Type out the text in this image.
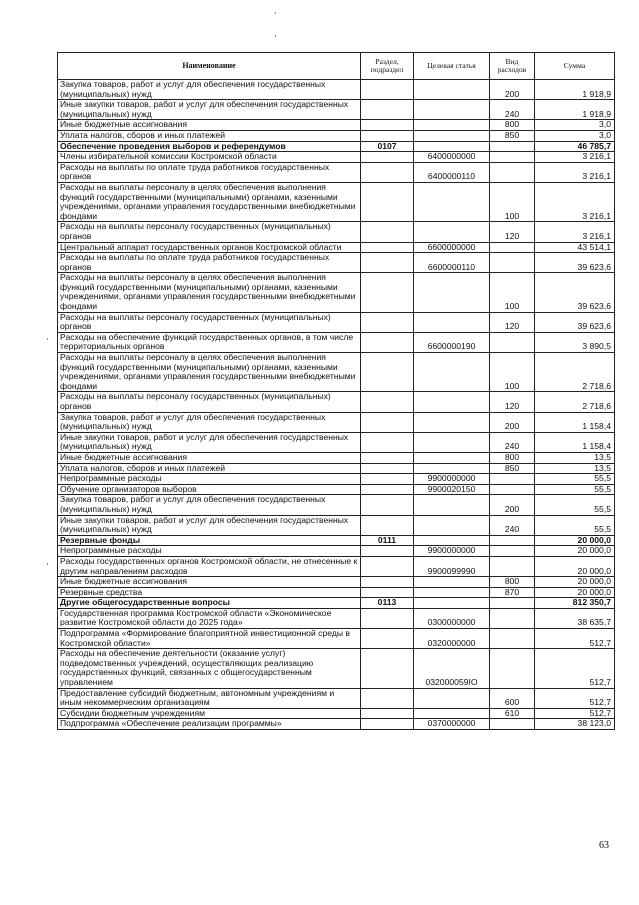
Наименование	Раздел, подраздел	Целевая статья	Вид расходов	Сумма
Закупка товаров, работ и услуг для обеспечения государственных (муниципальных) нужд			200	1 918,9
Иные закупки товаров, работ и услуг для обеспечения государственных (муниципальных) нужд			240	1 918,9
Иные бюджетные ассигнования			800	3,0
Уплата налогов, сборов и иных платежей			850	3,0
Обеспечение проведения выборов и референдумов	0107			46 785,7
Члены избирательной комиссии Костромской области		6400000000		3 216,1
Расходы на выплаты по оплате труда работников государственных органов		6400000110		3 216,1
Расходы на выплаты персоналу в целях обеспечения выполнения функций государственными (муниципальными) органами, казенными учреждениями, органами управления государственными внебюджетными фондами			100	3 216,1
Расходы на выплаты персоналу государственных (муниципальных) органов			120	3 216,1
Центральный аппарат государственных органов Костромской области		6600000000		43 514,1
Расходы на выплаты по оплате труда работников государственных органов		6600000110		39 623,6
Расходы на выплаты персоналу в целях обеспечения выполнения функций государственными (муниципальными) органами, казенными учреждениями, органами управления государственными внебюджетными фондами			100	39 623,6
Расходы на выплаты персоналу государственных (муниципальных) органов			120	39 623,6
Расходы на обеспечение функций государственных органов, в том числе территориальных органов		6600000190		3 890,5
Расходы на выплаты персоналу в целях обеспечения выполнения функций государственными (муниципальными) органами, казенными учреждениями, органами управления государственными внебюджетными фондами			100	2 718,6
Расходы на выплаты персоналу государственных (муниципальных) органов			120	2 718,6
Закупка товаров, работ и услуг для обеспечения государственных (муниципальных) нужд			200	1 158,4
Иные закупки товаров, работ и услуг для обеспечения государственных (муниципальных) нужд			240	1 158,4
Иные бюджетные ассигнования			800	13,5
Уплата налогов, сборов и иных платежей			850	13,5
Непрограммные расходы		9900000000		55,5
Обучение организаторов выборов		9900020150		55,5
Закупка товаров, работ и услуг для обеспечения государственных (муниципальных) нужд			200	55,5
Иные закупки товаров, работ и услуг для обеспечения государственных (муниципальных) нужд			240	55,5
Резервные фонды	0111			20 000,0
Непрограммные расходы		9900000000		20 000,0
Расходы государственных органов Костромской области, не отнесенные к другим направлениям расходов		9900099990		20 000,0
Иные бюджетные ассигнования			800	20 000,0
Резервные средства			870	20 000,0
Другие общегосударственные вопросы	0113			812 350,7
Государственная программа Костромской области «Экономическое развитие Костромской области до 2025 года»		0300000000		38 635,7
Подпрограмма «Формирование благоприятной инвестиционной среды в Костромской области»		0320000000		512,7
Расходы на обеспечение деятельности (оказание услуг) подведомственных учреждений, осуществляющих реализацию государственных функций, связанных с общегосударственным управлением		032000059IO		512,7
Предоставление субсидий бюджетным, автономным учреждениям и иным некоммерческим организациям			600	512,7
Субсидии бюджетным учреждениям			610	512,7
Подпрограмма «Обеспечение реализации программы»		0370000000		38 123,0
63
